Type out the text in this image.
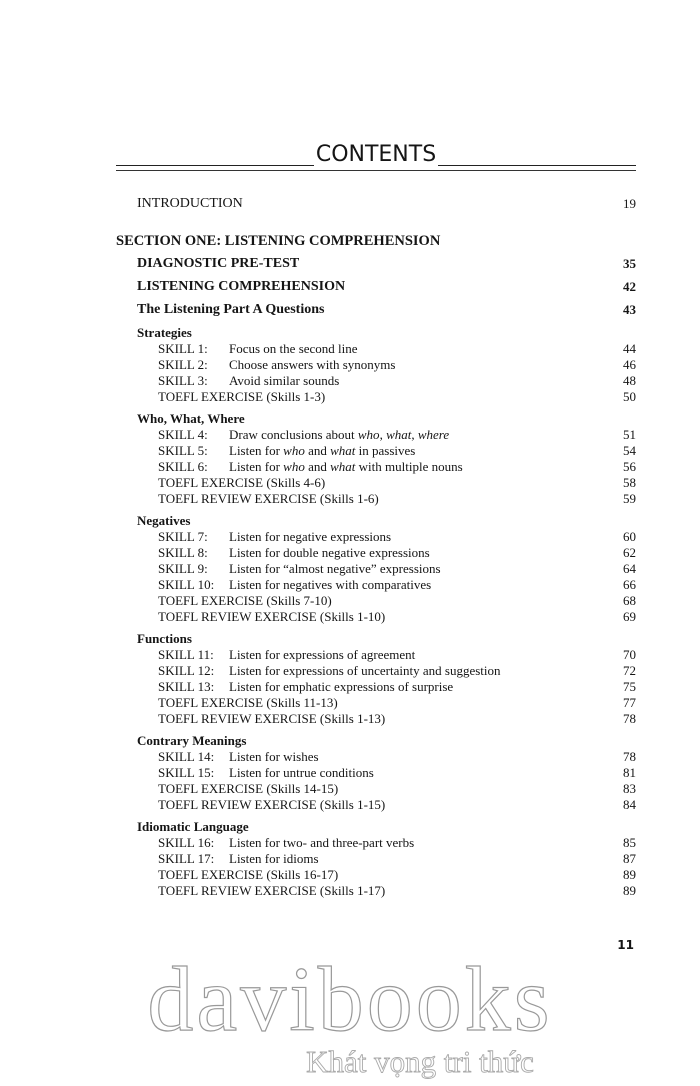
CONTENTS
INTRODUCTION	19
SECTION ONE: LISTENING COMPREHENSION
DIAGNOSTIC PRE-TEST	35
LISTENING COMPREHENSION	42
The Listening Part A Questions	43
Strategies
SKILL 1: Focus on the second line	44
SKILL 2: Choose answers with synonyms	46
SKILL 3: Avoid similar sounds	48
TOEFL EXERCISE (Skills 1-3)	50
Who, What, Where
SKILL 4: Draw conclusions about who, what, where	51
SKILL 5: Listen for who and what in passives	54
SKILL 6: Listen for who and what with multiple nouns	56
TOEFL EXERCISE (Skills 4-6)	58
TOEFL REVIEW EXERCISE (Skills 1-6)	59
Negatives
SKILL 7: Listen for negative expressions	60
SKILL 8: Listen for double negative expressions	62
SKILL 9: Listen for “almost negative” expressions	64
SKILL 10: Listen for negatives with comparatives	66
TOEFL EXERCISE (Skills 7-10)	68
TOEFL REVIEW EXERCISE (Skills 1-10)	69
Functions
SKILL 11: Listen for expressions of agreement	70
SKILL 12: Listen for expressions of uncertainty and suggestion	72
SKILL 13: Listen for emphatic expressions of surprise	75
TOEFL EXERCISE (Skills 11-13)	77
TOEFL REVIEW EXERCISE (Skills 1-13)	78
Contrary Meanings
SKILL 14: Listen for wishes	78
SKILL 15: Listen for untrue conditions	81
TOEFL EXERCISE (Skills 14-15)	83
TOEFL REVIEW EXERCISE (Skills 1-15)	84
Idiomatic Language
SKILL 16: Listen for two- and three-part verbs	85
SKILL 17: Listen for idioms	87
TOEFL EXERCISE (Skills 16-17)	89
TOEFL REVIEW EXERCISE (Skills 1-17)	89
11
davibooks
Khát vọng tri thức
